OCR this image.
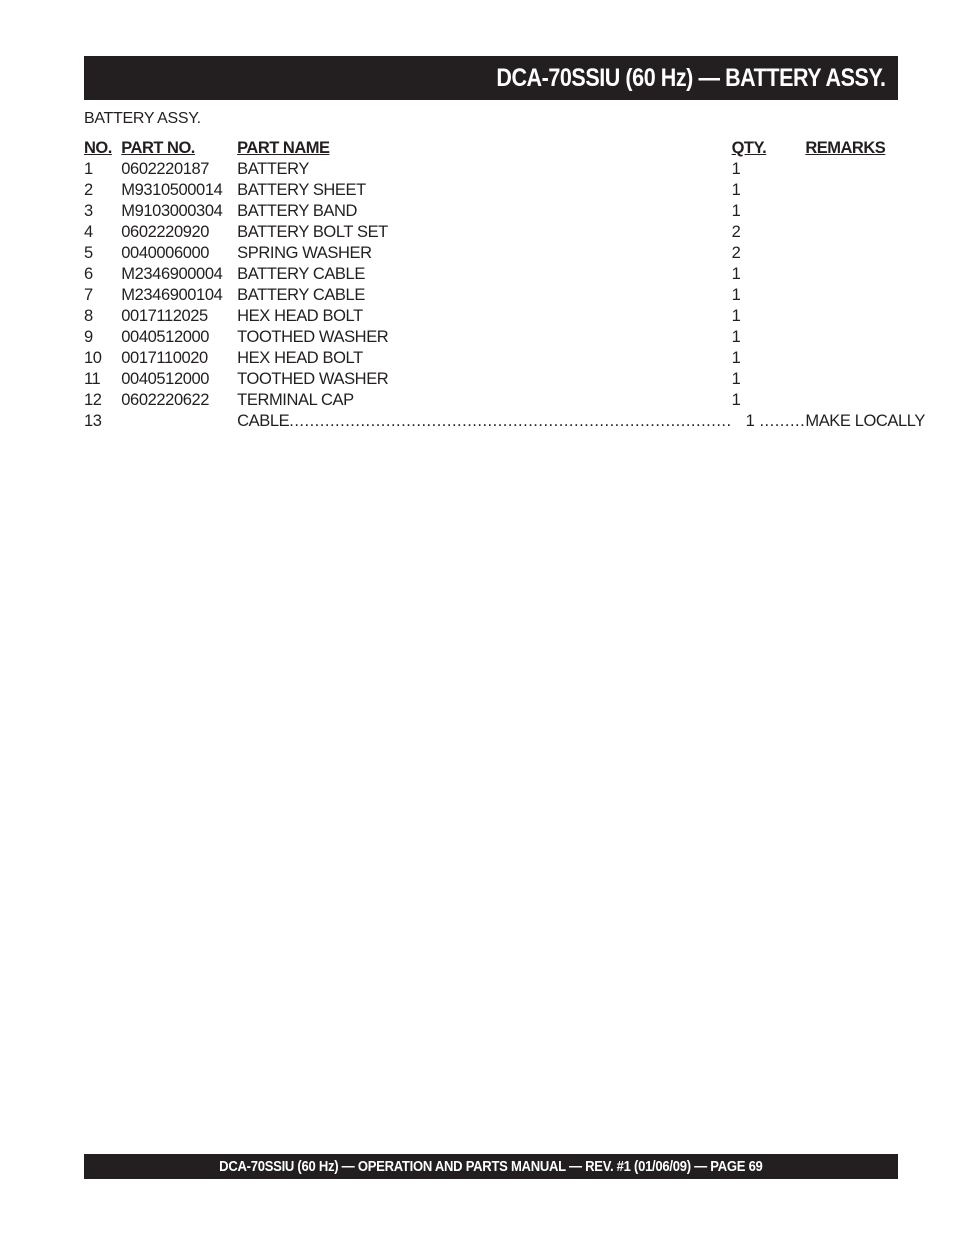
DCA-70SSIU (60 Hz) — BATTERY ASSY.
BATTERY ASSY.
NO.	PART NO.	PART NAME	QTY.	REMARKS
1	0602220187	BATTERY	1	
2	M9310500014	BATTERY SHEET	1	
3	M9103000304	BATTERY BAND	1	
4	0602220920	BATTERY BOLT SET	2	
5	0040006000	SPRING WASHER	2	
6	M2346900004	BATTERY CABLE	1	
7	M2346900104	BATTERY CABLE	1	
8	0017112025	HEX HEAD BOLT	1	
9	0040512000	TOOTHED WASHER	1	
10	0017110020	HEX HEAD BOLT	1	
11	0040512000	TOOTHED WASHER	1	
12	0602220622	TERMINAL CAP	1	
13		CABLE .......................................................................................	1 .........	MAKE LOCALLY
DCA-70SSIU (60 Hz) — OPERATION AND PARTS MANUAL — REV. #1 (01/06/09) — PAGE 69
